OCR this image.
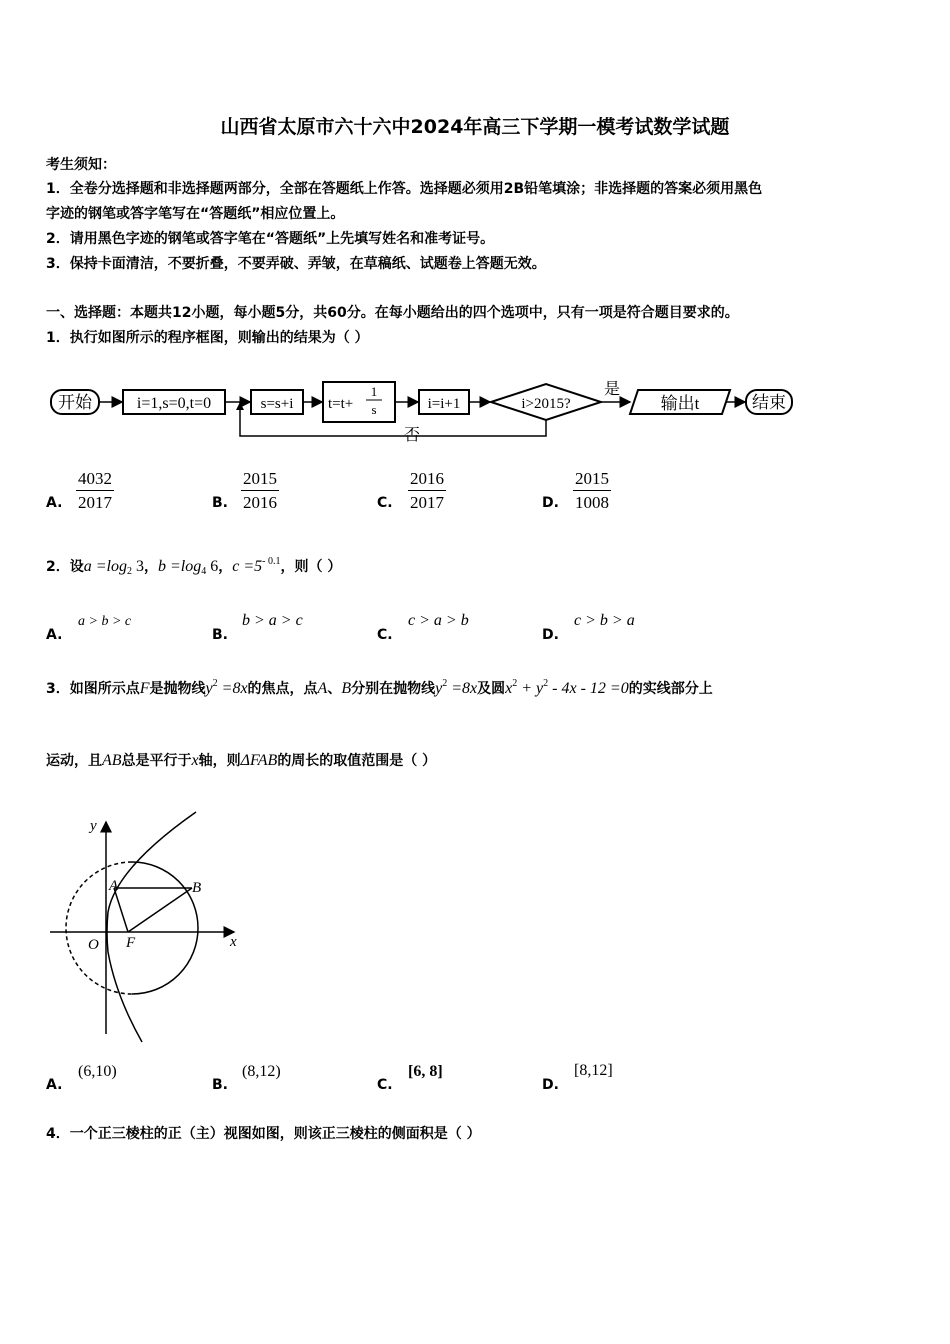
山西省太原市六十六中2024年高三下学期一模考试数学试题
考生须知：
1．全卷分选择题和非选择题两部分，全部在答题纸上作答。选择题必须用2B铅笔填涂；非选择题的答案必须用黑色
字迹的钢笔或答字笔写在“答题纸”相应位置上。
2．请用黑色字迹的钢笔或答字笔在“答题纸”上先填写姓名和准考证号。
3．保持卡面清洁，不要折叠，不要弄破、弄皱，在草稿纸、试题卷上答题无效。
一、选择题：本题共12小题，每小题5分，共60分。在每小题给出的四个选项中，只有一项是符合题目要求的。
1．执行如图所示的程序框图，则输出的结果为（ ）
开始	i=1,s=0,t=0	s=s+i t=t+
1
s	i=i+1	i>2015?
是
输出t	结束
否
A. $\frac{4032}{2017}$	B. $\frac{2015}{2016}$	C. $\frac{2016}{2017}$	D. $\frac{2015}{1008}$
2．设a =log2 3，b =log4 6，$c =5^{- 0.1}$，则（ ）
A.
a > b > c
B.
b > a > c
C.
c > a > b
D.
c > b > a
3．如图所示点F是抛物线$y^2 =8x$的焦点，点A、B分别在抛物线$y^2 =8x$及圆$x^2 + y^2 - 4x - 12 =0$的实线部分上
运动，且AB总是平行于x轴，则ΔFAB的周长的取值范围是（ ）
y
x
O F
A	B
A.
(6,10)
B.
(8,12)
C.
[6, 8]
D.
[8,12]
4．一个正三棱柱的正（主）视图如图，则该正三棱柱的侧面积是（ ）
